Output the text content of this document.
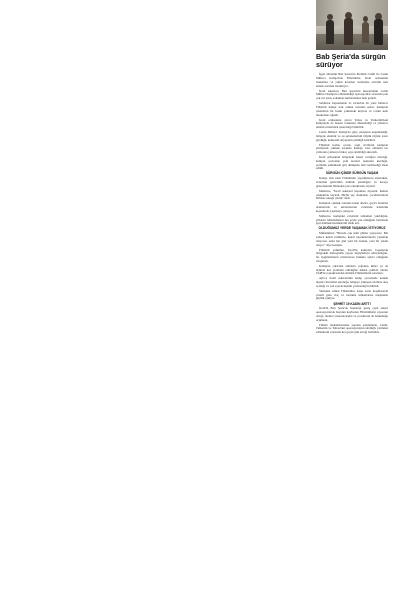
Bab Şeria'da sürgün sürüyor

İşgal altındaki Batı Şeria'nın İbrahim Camii ile Cenin Mülteci Kampı'nda Filistinliler, İsrail ordusunun baskınları ve yıkım kararları nedeniyle evlerini terk etmek zorunda bırakılıyor.

İsrail askerleri, Batı Şeria'nın kuzeyindeki Cenin Mülteci Kampı'na düzenlediği operasyonlar sırasında pek çok evi yıktı, sokakları kullanılamaz hale getirdi.

Saldırılar kapsamında 21 Ocak'tan bu yana binlerce Filistinli kampı terk etmek zorunda kaldı. Kamptan çıkanların bir kısmı yakındaki köylere ve Cenin kent merkezine sığındı.

İsrail ordusunun ayrıca Tubas ve Tulkerim'deki kamplarda da benzer baskınlar düzenlediği ve yüzlerce ailenin evlerinden çıkarıldığı bildirildi.

Cenin Mülteci Kampı'na giriş çıkışların engellendiği, bölgede elektrik ve su şebekelerinin büyük ölçüde zarar gördüğü, kamptaki altyapının çöktüğü belirtildi.

Filistinli kadın, çocuk, yaşlı sivillerin kamptan yürüyerek çıkmak zorunda kaldığı, bazı ailelerin ise yanlarına yalnızca birkaç eşya alabildiği aktarıldı.

İsrail ordusunun bölgedeki askeri varlığını artırdığı, kampın çevresine yeni kontrol noktaları kurduğu, yerinden edilenlerin geri dönüşüne izin verilmediği ifade edildi.

SÜRGÜN İÇİNDE SÜRGÜN YAŞAM

Kampı terk eden Filistinliler yaşadıklarını anlatırken, evlerinin gözlerinin önünde yıkıldığını ve nereye gideceklerini bilmeden yola çıktıklarını söyledi.

Mahacne, "İsrail askerleri kapımıza dayandı, hemen çıkmamızı söyledi. Hiçbir şey alamadık, çocuklarımızla birlikte sokağa çıktık" dedi.

Kamptan çıkmak zorunda kalan aileler, geçici barınma alanlarında ve akrabalarının evlerinde kalabalık koşullarda yaşamaya çalışıyor.

Mahacne, kamptaki evlerinin tamamen yıkıldığını, yıllardır biriktirdikleri her şeyin yok olduğunu belirterek geri dönmek istediklerini ifade etti.

OLDUĞUMUZ YERDE YAŞAMAK İSTİYORUZ

Muhammed, "Burada çok kötü günler yaşıyoruz. Biz sadece kendi evimizde, kendi topraklarımızda yaşamak istiyoruz. Ama her gün yeni bir baskın, yeni bir yıkım oluyor" diye konuştu.

Filistinli yetkililer, İsrail'in kampları boşaltarak bölgedeki demografik yapıyı değiştirmeyi amaçladığını, bu uygulamaların uluslararası hukuka aykırı olduğunu vurguladı.

Kamptan çıkarılan ailelerin çoğunun ikinci ya da üçüncü kez yerinden edildiğine dikkat çekildi; aileler 1948'de topraklarından sürülen Filistinlilerin torunları.

Ayrıca İsrail askerlerinin kamp çevresinde keskin nişancı mevzileri kurduğu, bölgeye yaklaşan sivillere ateş açıldığı ve çok sayıda kişinin yaralandığı bildirildi.

Yerinden edilen Filistinliler, kışın zorlu koşullarında yeterli gıda, ilaç ve barınma imkanlarına ulaşmakta güçlük çekiyor.

ŞEHRİT 19 KADIN ARTTI

İsrail'in Batı Şeria'da başlattığı geniş çaplı askeri operasyonlarda hayatını kaybeden Filistinlilerin sayısının arttığı, ölenler arasında kadın ve çocukların da bulunduğu açıklandı.

Filistin makamlarından yapılan açıklamada, Cenin, Tulkerim ve Tubas'taki operasyonların sürdüğü, yerinden edilenlerin sayısının her geçen gün arttığı belirtildi.
